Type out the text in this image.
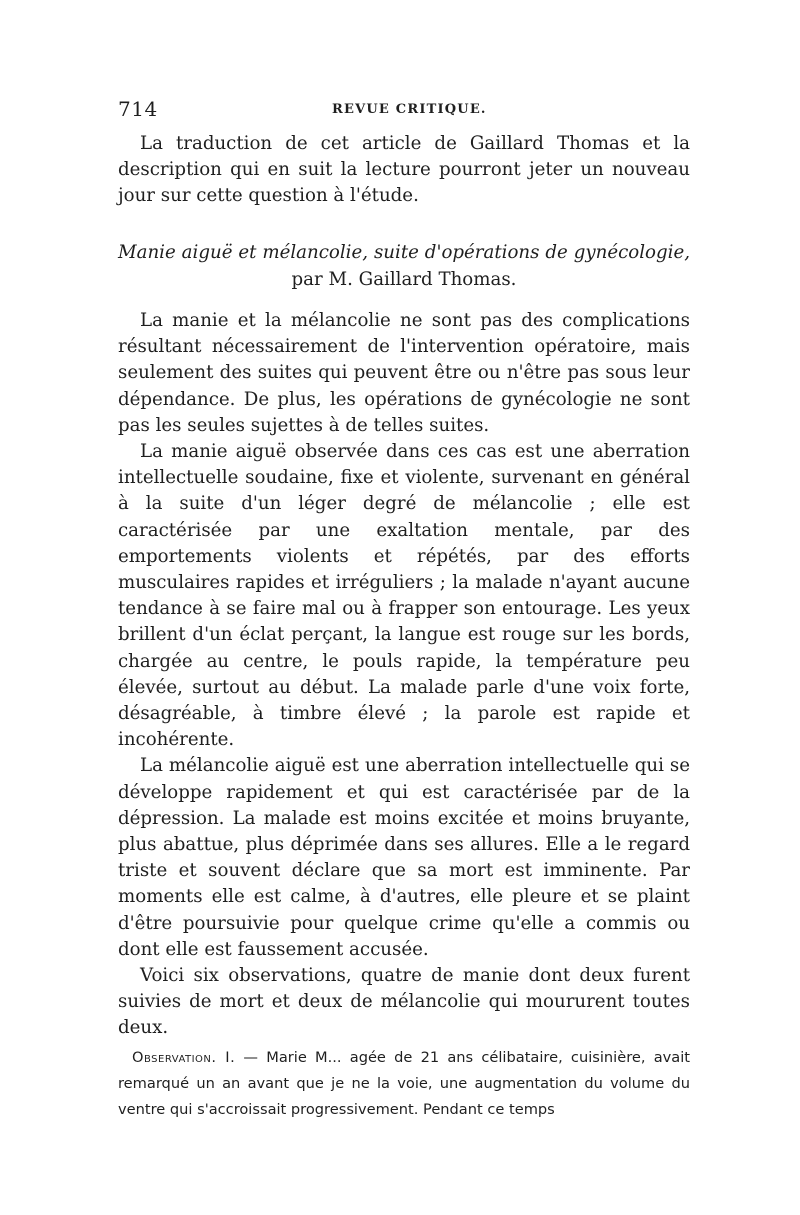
714	REVUE CRITIQUE.

La traduction de cet article de Gaillard Thomas et la description qui en suit la lecture pourront jeter un nouveau jour sur cette question à l'étude.

Manie aiguë et mélancolie, suite d'opérations de gynécologie,
par M. Gaillard Thomas.

La manie et la mélancolie ne sont pas des complications résultant nécessairement de l'intervention opératoire, mais seulement des suites qui peuvent être ou n'être pas sous leur dépendance. De plus, les opérations de gynécologie ne sont pas les seules sujettes à de telles suites.

La manie aiguë observée dans ces cas est une aberration intellectuelle soudaine, fixe et violente, survenant en général à la suite d'un léger degré de mélancolie ; elle est caractérisée par une exaltation mentale, par des emportements violents et répétés, par des efforts musculaires rapides et irréguliers ; la malade n'ayant aucune tendance à se faire mal ou à frapper son entourage. Les yeux brillent d'un éclat perçant, la langue est rouge sur les bords, chargée au centre, le pouls rapide, la température peu élevée, surtout au début. La malade parle d'une voix forte, désagréable, à timbre élevé ; la parole est rapide et incohérente.

La mélancolie aiguë est une aberration intellectuelle qui se développe rapidement et qui est caractérisée par de la dépression. La malade est moins excitée et moins bruyante, plus abattue, plus déprimée dans ses allures. Elle a le regard triste et souvent déclare que sa mort est imminente. Par moments elle est calme, à d'autres, elle pleure et se plaint d'être poursuivie pour quelque crime qu'elle a commis ou dont elle est faussement accusée.

Voici six observations, quatre de manie dont deux furent suivies de mort et deux de mélancolie qui moururent toutes deux.

Observation. I. — Marie M... agée de 21 ans célibataire, cuisinière, avait remarqué un an avant que je ne la voie, une augmentation du volume du ventre qui s'accroissait progressivement. Pendant ce temps
